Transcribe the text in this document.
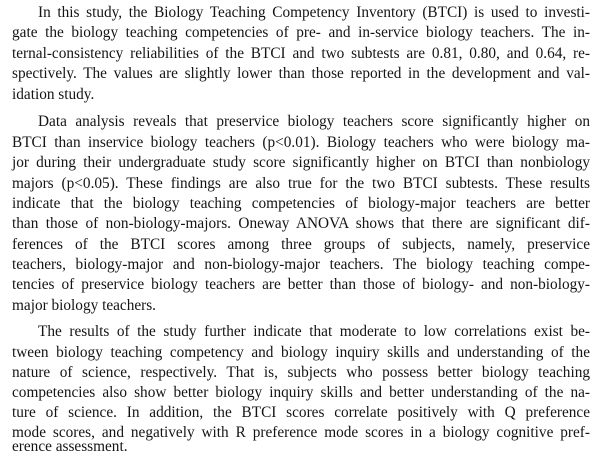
In this study, the Biology Teaching Competency Inventory (BTCI) is used to investi-
gate the biology teaching competencies of pre- and in-service biology teachers. The in-
ternal-consistency reliabilities of the BTCI and two subtests are 0.81, 0.80, and 0.64, re-
spectively. The values are slightly lower than those reported in the development and val-
idation study.
Data analysis reveals that preservice biology teachers score significantly higher on
BTCI than inservice biology teachers (p<0.01). Biology teachers who were biology ma-
jor during their undergraduate study score significantly higher on BTCI than nonbiology
majors (p<0.05). These findings are also true for the two BTCI subtests. These results
indicate that the biology teaching competencies of biology-major teachers are better
than those of non-biology-majors. Oneway ANOVA shows that there are significant dif-
ferences of the BTCI scores among three groups of subjects, namely, preservice
teachers, biology-major and non-biology-major teachers. The biology teaching compe-
tencies of preservice biology teachers are better than those of biology- and non-biology-
major biology teachers.
The results of the study further indicate that moderate to low correlations exist be-
tween biology teaching competency and biology inquiry skills and understanding of the
nature of science, respectively. That is, subjects who possess better biology teaching
competencies also show better biology inquiry skills and better understanding of the na-
ture of science. In addition, the BTCI scores correlate positively with Q preference
mode scores, and negatively with R preference mode scores in a biology cognitive pref-
erence assessment.
